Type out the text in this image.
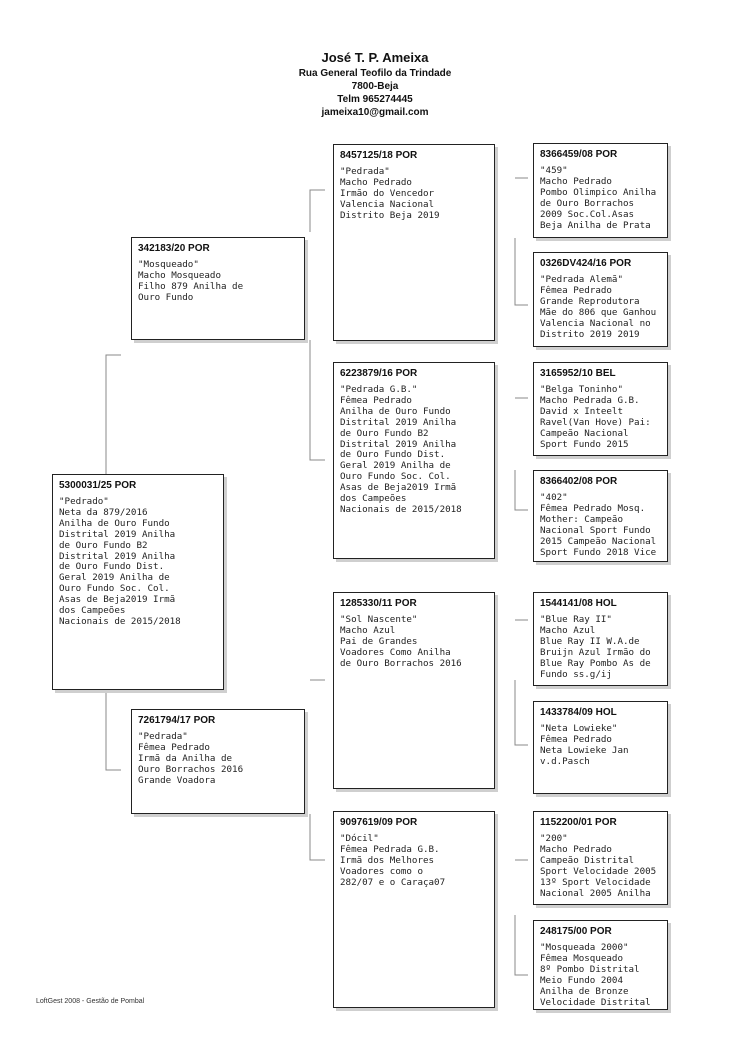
José T. P. Ameixa
Rua General Teofilo da Trindade
7800-Beja
Telm 965274445
jameixa10@gmail.com
5300031/25 POR
"Pedrado"
Neta da 879/2016
Anilha de Ouro Fundo
Distrital 2019 Anilha
de Ouro Fundo B2
Distrital 2019 Anilha
de Ouro Fundo Dist.
Geral 2019 Anilha de
Ouro Fundo Soc. Col.
Asas de Beja2019 Irmã
dos Campeões
Nacionais de 2015/2018
342183/20 POR
"Mosqueado"
Macho Mosqueado
Filho 879 Anilha de
Ouro Fundo
7261794/17 POR
"Pedrada"
Fêmea Pedrado
Irmã da Anilha de
Ouro Borrachos 2016
Grande Voadora
8457125/18 POR
"Pedrada"
Macho Pedrado
Irmão do Vencedor
Valencia Nacional
Distrito Beja 2019
6223879/16 POR
"Pedrada G.B."
Fêmea Pedrado
Anilha de Ouro Fundo
Distrital 2019 Anilha
de Ouro Fundo B2
Distrital 2019 Anilha
de Ouro Fundo Dist.
Geral 2019 Anilha de
Ouro Fundo Soc. Col.
Asas de Beja2019 Irmã
dos Campeões
Nacionais de 2015/2018
1285330/11 POR
"Sol Nascente"
Macho Azul
Pai de Grandes
Voadores Como Anilha
de Ouro Borrachos 2016
9097619/09 POR
"Dócil"
Fêmea Pedrada G.B.
Irmã dos Melhores
Voadores como o
282/07 e o Caraça07
8366459/08 POR
"459"
Macho Pedrado
Pombo Olimpico Anilha
de Ouro Borrachos
2009 Soc.Col.Asas
Beja Anilha de Prata
0326DV424/16 POR
"Pedrada Alemã"
Fêmea Pedrado
Grande Reprodutora
Mãe do 806 que Ganhou
Valencia Nacional no
Distrito 2019 2019
3165952/10 BEL
"Belga Toninho"
Macho Pedrada G.B.
David x Inteelt
Ravel(Van Hove) Pai:
Campeão Nacional
Sport Fundo 2015
8366402/08 POR
"402"
Fêmea Pedrado Mosq.
Mother: Campeão
Nacional Sport Fundo
2015 Campeão Nacional
Sport Fundo 2018 Vice
1544141/08 HOL
"Blue Ray II"
Macho Azul
Blue Ray II W.A.de
Bruijn Azul Irmão do
Blue Ray Pombo As de
Fundo ss.g/ij
1433784/09 HOL
"Neta Lowieke"
Fêmea Pedrado
Neta Lowieke Jan
v.d.Pasch
1152200/01 POR
"200"
Macho Pedrado
Campeão Distrital
Sport Velocidade 2005
13º Sport Velocidade
Nacional 2005 Anilha
248175/00 POR
"Mosqueada 2000"
Fêmea Mosqueado
8º Pombo Distrital
Meio Fundo 2004
Anilha de Bronze
Velocidade Distrital
LoftGest 2008 - Gestão de Pombal
